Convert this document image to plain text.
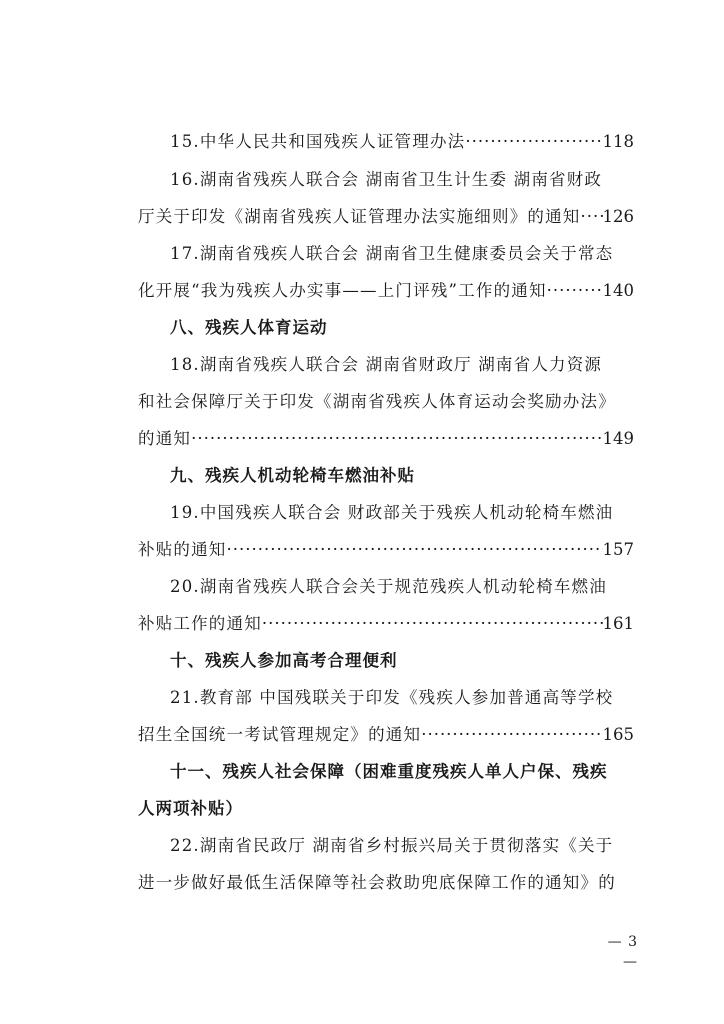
15.中华人民共和国残疾人证管理办法 ·····	118
16.湖南省残疾人联合会 湖南省卫生计生委 湖南省财政
厅关于印发《湖南省残疾人证管理办法实施细则》的通知 ····· 126
17.湖南省残疾人联合会 湖南省卫生健康委员会关于常态
化开展“我为残疾人办实事——上门评残”工作的通知 ·····	140
八、残疾人体育运动
18.湖南省残疾人联合会 湖南省财政厅 湖南省人力资源
和社会保障厅关于印发《湖南省残疾人体育运动会奖励办法》
的通知 ·····	149
九、残疾人机动轮椅车燃油补贴
19.中国残疾人联合会 财政部关于残疾人机动轮椅车燃油
补贴的通知 ·····	157
20.湖南省残疾人联合会关于规范残疾人机动轮椅车燃油
补贴工作的通知 ·····	161
十、残疾人参加高考合理便利
21.教育部 中国残联关于印发《残疾人参加普通高等学校
招生全国统一考试管理规定》的通知 ·····	165
十一、残疾人社会保障（困难重度残疾人单人户保、残疾
人两项补贴）
22.湖南省民政厅 湖南省乡村振兴局关于贯彻落实《关于
进一步做好最低生活保障等社会救助兜底保障工作的通知》的
— 3 —
